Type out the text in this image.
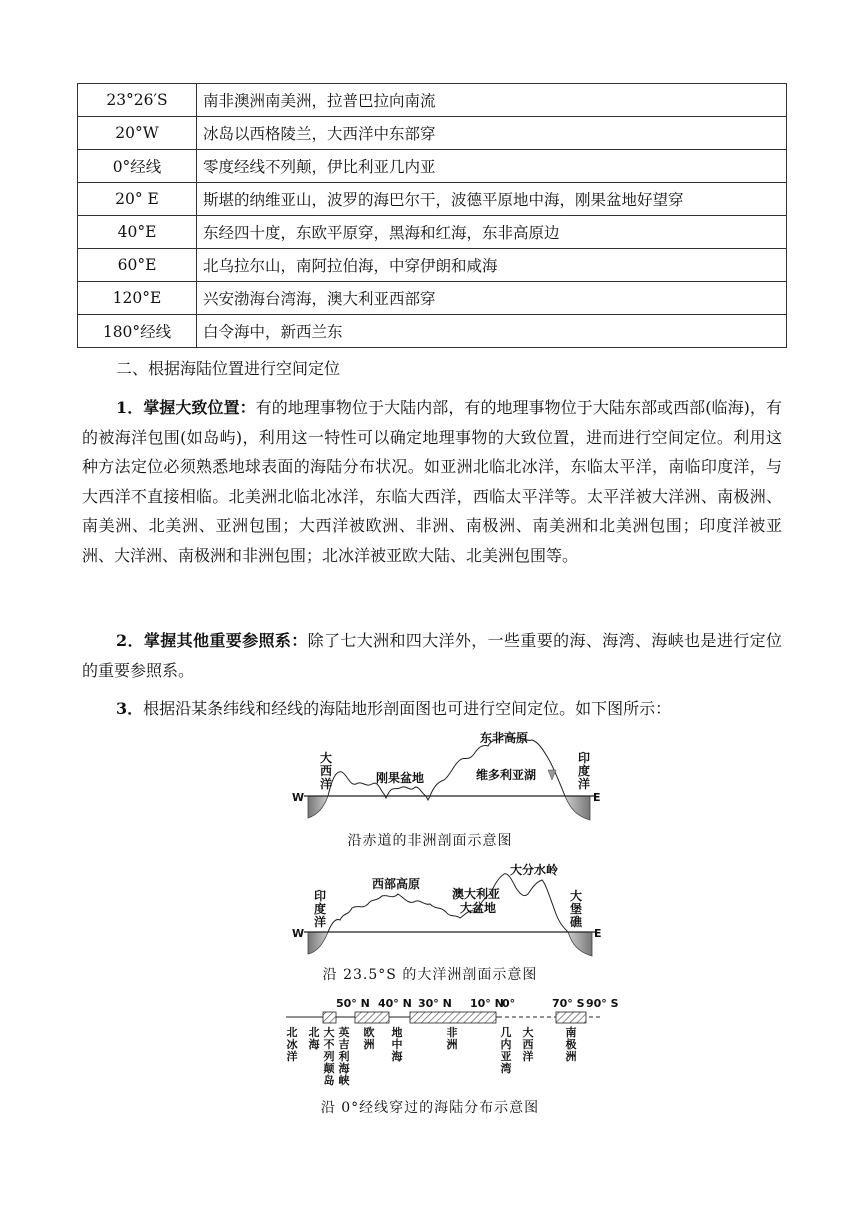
23°26′S	南非澳洲南美洲，拉普巴拉向南流
20°W	冰岛以西格陵兰，大西洋中东部穿
0°经线	零度经线不列颠，伊比利亚几内亚
20° E	斯堪的纳维亚山，波罗的海巴尔干，波德平原地中海，刚果盆地好望穿
40°E	东经四十度，东欧平原穿，黑海和红海，东非高原边
60°E	北乌拉尔山，南阿拉伯海，中穿伊朗和咸海
120°E	兴安渤海台湾海，澳大利亚西部穿
180°经线	白令海中，新西兰东
二、根据海陆位置进行空间定位

1．掌握大致位置：有的地理事物位于大陆内部，有的地理事物位于大陆东部或西部(临海)，有的被海洋包围(如岛屿)，利用这一特性可以确定地理事物的大致位置，进而进行空间定位。利用这种方法定位必须熟悉地球表面的海陆分布状况。如亚洲北临北冰洋，东临太平洋，南临印度洋，与大西洋不直接相临。北美洲北临北冰洋，东临大西洋，西临太平洋等。太平洋被大洋洲、南极洲、南美洲、北美洲、亚洲包围；大西洋被欧洲、非洲、南极洲、南美洲和北美洲包围；印度洋被亚洲、大洋洲、南极洲和非洲包围；北冰洋被亚欧大陆、北美洲包围等。

2．掌握其他重要参照系：除了七大洲和四大洋外，一些重要的海、海湾、海峡也是进行定位的重要参照系。

3．根据沿某条纬线和经线的海陆地形剖面图也可进行空间定位。如下图所示：

大西洋	刚果盆地
东非高原
维多利亚湖
印度洋
W	E
沿赤道的非洲剖面示意图
印度洋
西部高原
澳大利亚
大盆地
大分水岭
大堡礁
W	E
沿 23.5°S 的大洋洲剖面示意图
50° N 40° N 30° N 10° N
0°	70° S 90° S
北冰洋
北海
大不列颠岛
英吉利海峡
欧洲
地中海
非洲
几内亚湾
大西洋
南极洲
沿 0°经线穿过的海陆分布示意图
